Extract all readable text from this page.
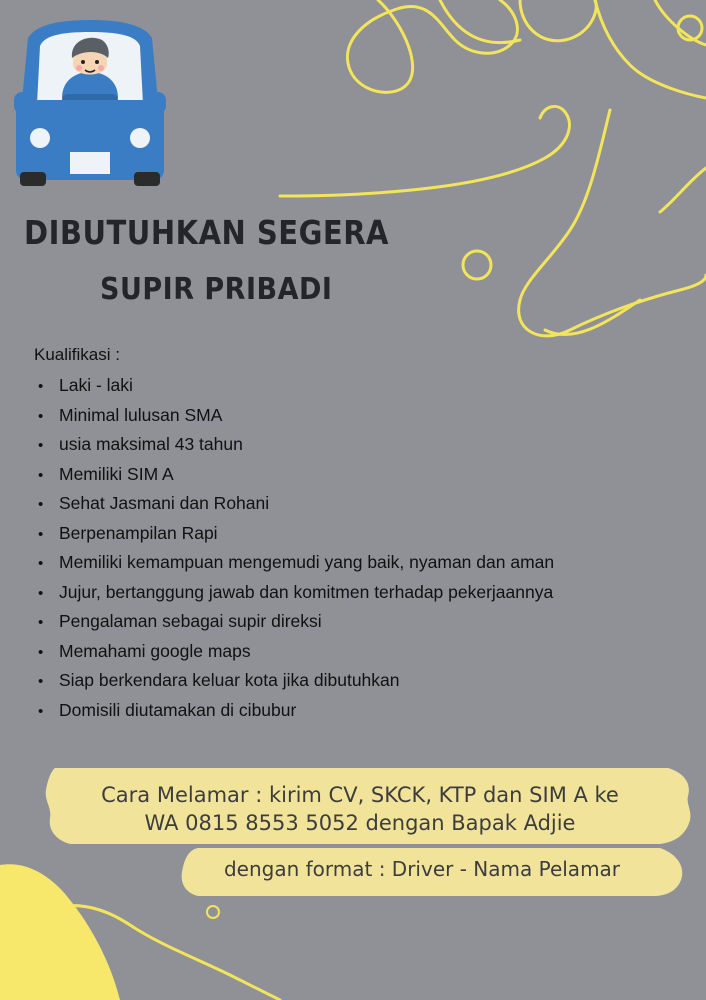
DIBUTUHKAN SEGERA
SUPIR PRIBADI

Kualifikasi :

• Laki - laki
• Minimal lulusan SMA
• usia maksimal 43 tahun
• Memiliki SIM A
• Sehat Jasmani dan Rohani
• Berpenampilan Rapi
• Memiliki kemampuan mengemudi yang baik, nyaman dan aman
• Jujur, bertanggung jawab dan komitmen terhadap pekerjaannya
• Pengalaman sebagai supir direksi
• Memahami google maps
• Siap berkendara keluar kota jika dibutuhkan
• Domisili diutamakan di cibubur

Cara Melamar : kirim CV, SKCK, KTP dan SIM A ke

WA 0815 8553 5052 dengan Bapak Adjie

dengan format : Driver - Nama Pelamar
